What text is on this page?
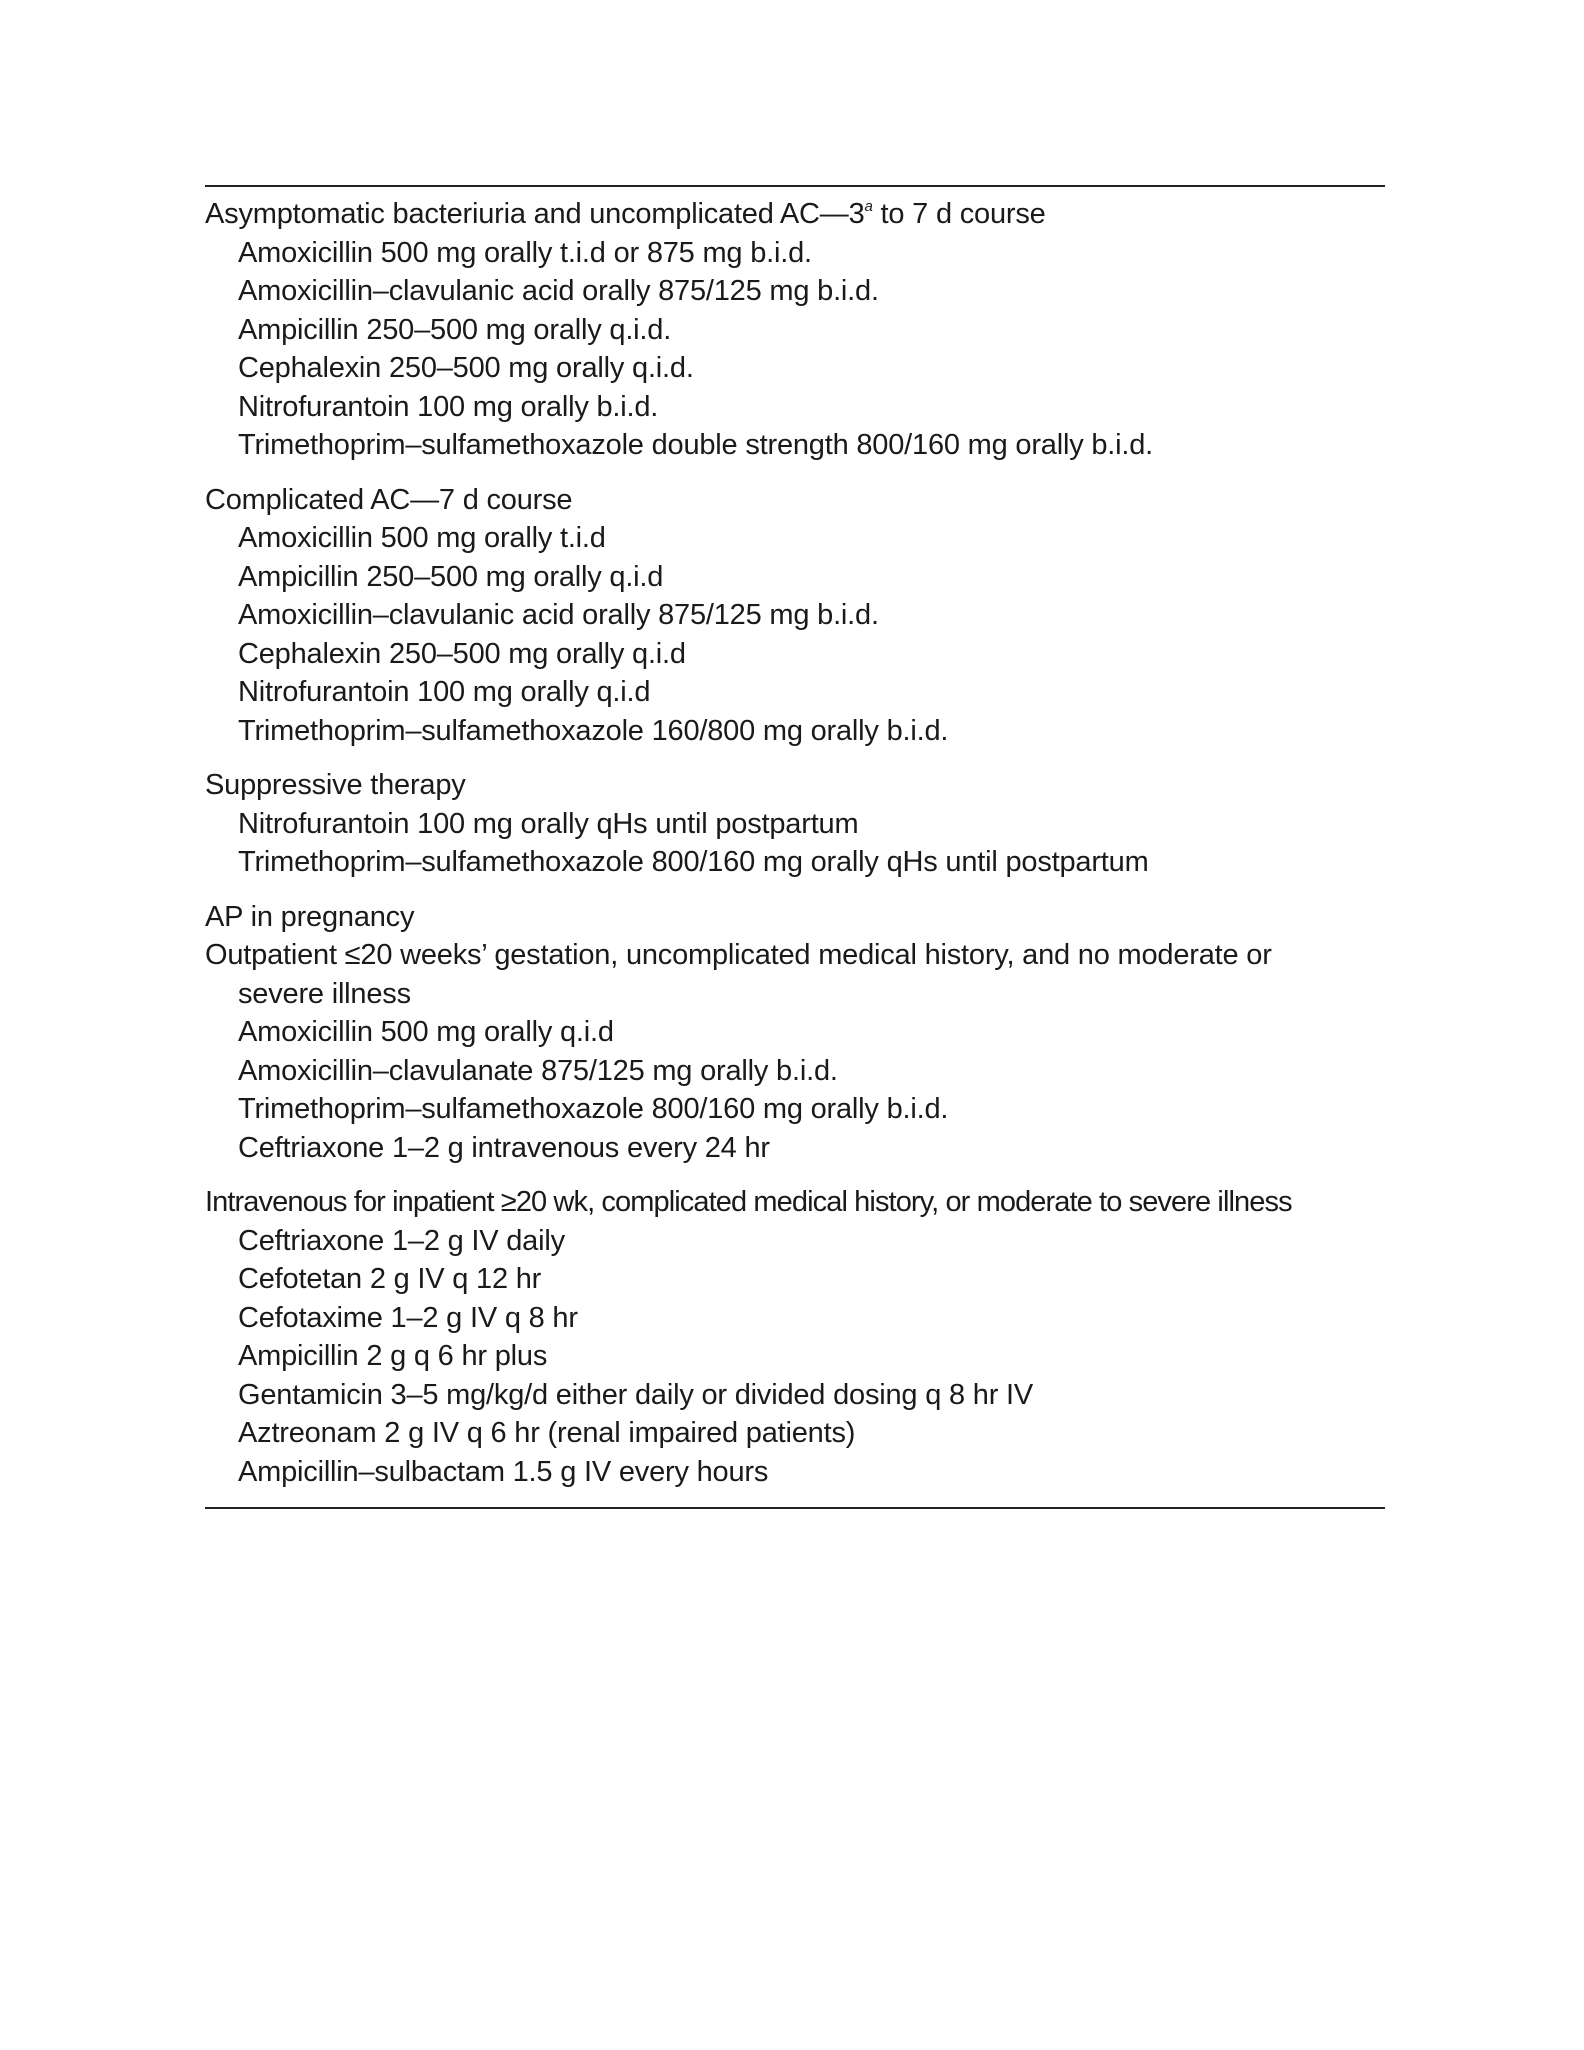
Asymptomatic bacteriuria and uncomplicated AC—3$^a$ to 7 d course
Amoxicillin 500 mg orally t.i.d or 875 mg b.i.d.
Amoxicillin–clavulanic acid orally 875/125 mg b.i.d.
Ampicillin 250–500 mg orally q.i.d.
Cephalexin 250–500 mg orally q.i.d.
Nitrofurantoin 100 mg orally b.i.d.
Trimethoprim–sulfamethoxazole double strength 800/160 mg orally b.i.d.
Complicated AC—7 d course
Amoxicillin 500 mg orally t.i.d
Ampicillin 250–500 mg orally q.i.d
Amoxicillin–clavulanic acid orally 875/125 mg b.i.d.
Cephalexin 250–500 mg orally q.i.d
Nitrofurantoin 100 mg orally q.i.d
Trimethoprim–sulfamethoxazole 160/800 mg orally b.i.d.
Suppressive therapy
Nitrofurantoin 100 mg orally qHs until postpartum
Trimethoprim–sulfamethoxazole 800/160 mg orally qHs until postpartum
AP in pregnancy
Outpatient ≤20 weeks’ gestation, uncomplicated medical history, and no moderate or
severe illness
Amoxicillin 500 mg orally q.i.d
Amoxicillin–clavulanate 875/125 mg orally b.i.d.
Trimethoprim–sulfamethoxazole 800/160 mg orally b.i.d.
Ceftriaxone 1–2 g intravenous every 24 hr
Intravenous for inpatient ≥20 wk, complicated medical history, or moderate to severe illness
Ceftriaxone 1–2 g IV daily
Cefotetan 2 g IV q 12 hr
Cefotaxime 1–2 g IV q 8 hr
Ampicillin 2 g q 6 hr plus
Gentamicin 3–5 mg/kg/d either daily or divided dosing q 8 hr IV
Aztreonam 2 g IV q 6 hr (renal impaired patients)
Ampicillin–sulbactam 1.5 g IV every hours
